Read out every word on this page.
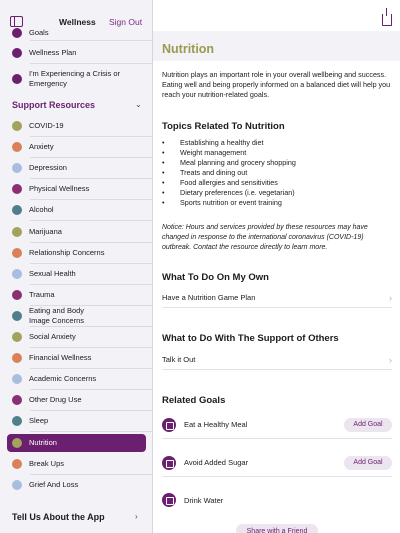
Wellness Sign Out
Goals
Wellness Plan
I'm Experiencing a Crisis or Emergency
Support Resources	⌄
COVID-19
Anxiety
Depression
Physical Wellness
Alcohol
Marijuana
Relationship Concerns
Sexual Health
Trauma
Eating and Body Image Concerns
Social Anxiety
Financial Wellness
Academic Concerns
Other Drug Use
Sleep
Nutrition
Break Ups
Grief And Loss
Tell Us About the App	›
Nutrition

Nutrition plays an important role in your overall wellbeing and success. Eating well and being properly informed on a balanced diet will help you reach your nutrition-related goals.

Topics Related To Nutrition
• Establishing a healthy diet
• Weight management
• Meal planning and grocery shopping
• Treats and dining out
• Food allergies and sensitivities
• Dietary preferences (i.e. vegetarian)
• Sports nutrition or event training

Notice: Hours and services provided by these resources may have changed in response to the international coronavirus (COVID-19) outbreak. Contact the resource directly to learn more.

What To Do On My Own
Have a Nutrition Game Plan	›
What to Do With The Support of Others
Talk it Out	›
Related Goals
Eat a Healthy Meal	Add Goal
Avoid Added Sugar	Add Goal
Drink Water
Share with a Friend
